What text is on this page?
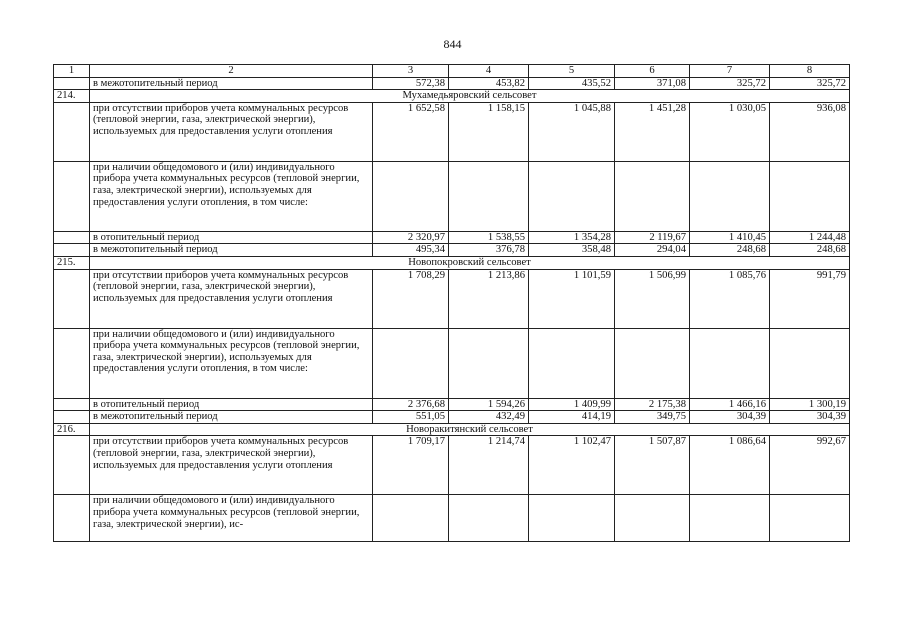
844
1	2	3	4	5	6	7	8
	в межотопительный период	572,38	453,82	435,52	371,08	325,72	325,72
214.	Мухамедьяровский сельсовет						
	при отсутствии приборов учета коммунальных ресурсов (тепловой энергии, газа, электрической энергии), используемых для предоставления услуги отопления	1 652,58	1 158,15	1 045,88	1 451,28	1 030,05	936,08
	при наличии общедомового и (или) индивидуального прибора учета коммунальных ресурсов (тепловой энергии, газа, электрической энергии), используемых для предоставления услуги отопления, в том числе:						
	в отопительный период	2 320,97	1 538,55	1 354,28	2 119,67	1 410,45	1 244,48
	в межотопительный период	495,34	376,78	358,48	294,04	248,68	248,68
215.	Новопокровский сельсовет						
	при отсутствии приборов учета коммунальных ресурсов (тепловой энергии, газа, электрической энергии), используемых для предоставления услуги отопления	1 708,29	1 213,86	1 101,59	1 506,99	1 085,76	991,79
	при наличии общедомового и (или) индивидуального прибора учета коммунальных ресурсов (тепловой энергии, газа, электрической энергии), используемых для предоставления услуги отопления, в том числе:						
	в отопительный период	2 376,68	1 594,26	1 409,99	2 175,38	1 466,16	1 300,19
	в межотопительный период	551,05	432,49	414,19	349,75	304,39	304,39
216.	Новоракитянский сельсовет						
	при отсутствии приборов учета коммунальных ресурсов (тепловой энергии, газа, электрической энергии), используемых для предоставления услуги отопления	1 709,17	1 214,74	1 102,47	1 507,87	1 086,64	992,67
	при наличии общедомового и (или) индивидуального прибора учета коммунальных ресурсов (тепловой энергии, газа, электрической энергии), ис-						
